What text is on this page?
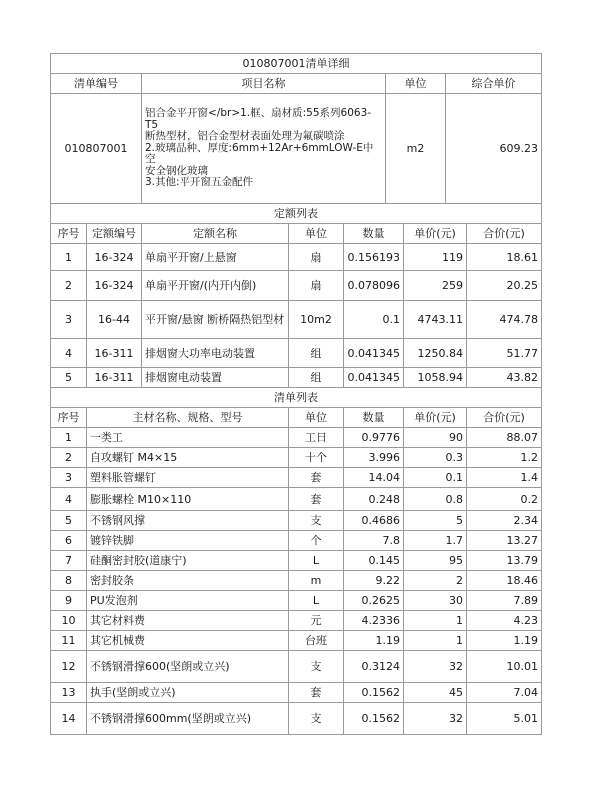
010807001清单详细			
清单编号	项目名称	单位	综合单价
010807001	铝合金平开窗</br>1.框、扇材质:55系列6063-T5
断热型材，铝合金型材表面处理为氟碳喷涂
2.玻璃品种、厚度:6mm+12Ar+6mmLOW-E中空
安全钢化玻璃
3.其他:平开窗五金配件	m2	609.23
定额列表						
序号	定额编号	定额名称	单位	数量	单价(元)	合价(元)
1	16-324	单扇平开窗/上悬窗	扇	0.156193	119	18.61
2	16-324	单扇平开窗/(内开内倒)	扇	0.078096	259	20.25
3	16-44	平开窗/悬窗 断桥隔热铝型材	10m2	0.1	4743.11	474.78
4	16-311	排烟窗大功率电动装置	组	0.041345	1250.84	51.77
5	16-311	排烟窗电动装置	组	0.041345	1058.94	43.82
清单列表					
序号	主材名称、规格、型号	单位	数量	单价(元)	合价(元)
1	一类工	工日	0.9776	90	88.07
2	自攻螺钉 M4×15	十个	3.996	0.3	1.2
3	塑料胀管螺钉	套	14.04	0.1	1.4
4	膨胀螺栓 M10×110	套	0.248	0.8	0.2
5	不锈钢风撑	支	0.4686	5	2.34
6	镀锌铁脚	个	7.8	1.7	13.27
7	硅酮密封胶(道康宁)	L	0.145	95	13.79
8	密封胶条	m	9.22	2	18.46
9	PU发泡剂	L	0.2625	30	7.89
10	其它材料费	元	4.2336	1	4.23
11	其它机械费	台班	1.19	1	1.19
12	不锈钢滑撑600(坚朗或立兴)	支	0.3124	32	10.01
13	执手(坚朗或立兴)	套	0.1562	45	7.04
14	不锈钢滑撑600mm(坚朗或立兴)	支	0.1562	32	5.01
